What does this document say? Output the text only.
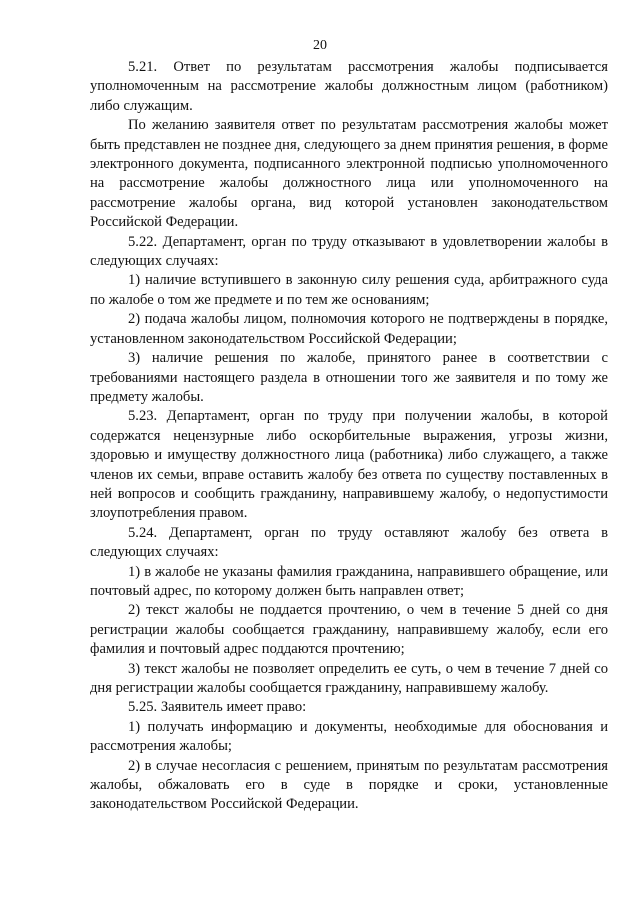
20

5.21. Ответ по результатам рассмотрения жалобы подписывается уполномоченным на рассмотрение жалобы должностным лицом (работником) либо служащим.

По желанию заявителя ответ по результатам рассмотрения жалобы может быть представлен не позднее дня, следующего за днем принятия решения, в форме электронного документа, подписанного электронной подписью уполномоченного на рассмотрение жалобы должностного лица или уполномоченного на рассмотрение жалобы органа, вид которой установлен законодательством Российской Федерации.

5.22. Департамент, орган по труду отказывают в удовлетворении жалобы в следующих случаях:

1) наличие вступившего в законную силу решения суда, арбитражного суда по жалобе о том же предмете и по тем же основаниям;

2) подача жалобы лицом, полномочия которого не подтверждены в порядке, установленном законодательством Российской Федерации;

3) наличие решения по жалобе, принятого ранее в соответствии с требованиями настоящего раздела в отношении того же заявителя и по тому же предмету жалобы.

5.23. Департамент, орган по труду при получении жалобы, в которой содержатся нецензурные либо оскорбительные выражения, угрозы жизни, здоровью и имуществу должностного лица (работника) либо служащего, а также членов их семьи, вправе оставить жалобу без ответа по существу поставленных в ней вопросов и сообщить гражданину, направившему жалобу, о недопустимости злоупотребления правом.

5.24. Департамент, орган по труду оставляют жалобу без ответа в следующих случаях:

1) в жалобе не указаны фамилия гражданина, направившего обращение, или почтовый адрес, по которому должен быть направлен ответ;

2) текст жалобы не поддается прочтению, о чем в течение 5 дней со дня регистрации жалобы сообщается гражданину, направившему жалобу, если его фамилия и почтовый адрес поддаются прочтению;

3) текст жалобы не позволяет определить ее суть, о чем в течение 7 дней со дня регистрации жалобы сообщается гражданину, направившему жалобу.

5.25. Заявитель имеет право:

1) получать информацию и документы, необходимые для обоснования и рассмотрения жалобы;

2) в случае несогласия с решением, принятым по результатам рассмотрения жалобы, обжаловать его в суде в порядке и сроки, установленные законодательством Российской Федерации.
